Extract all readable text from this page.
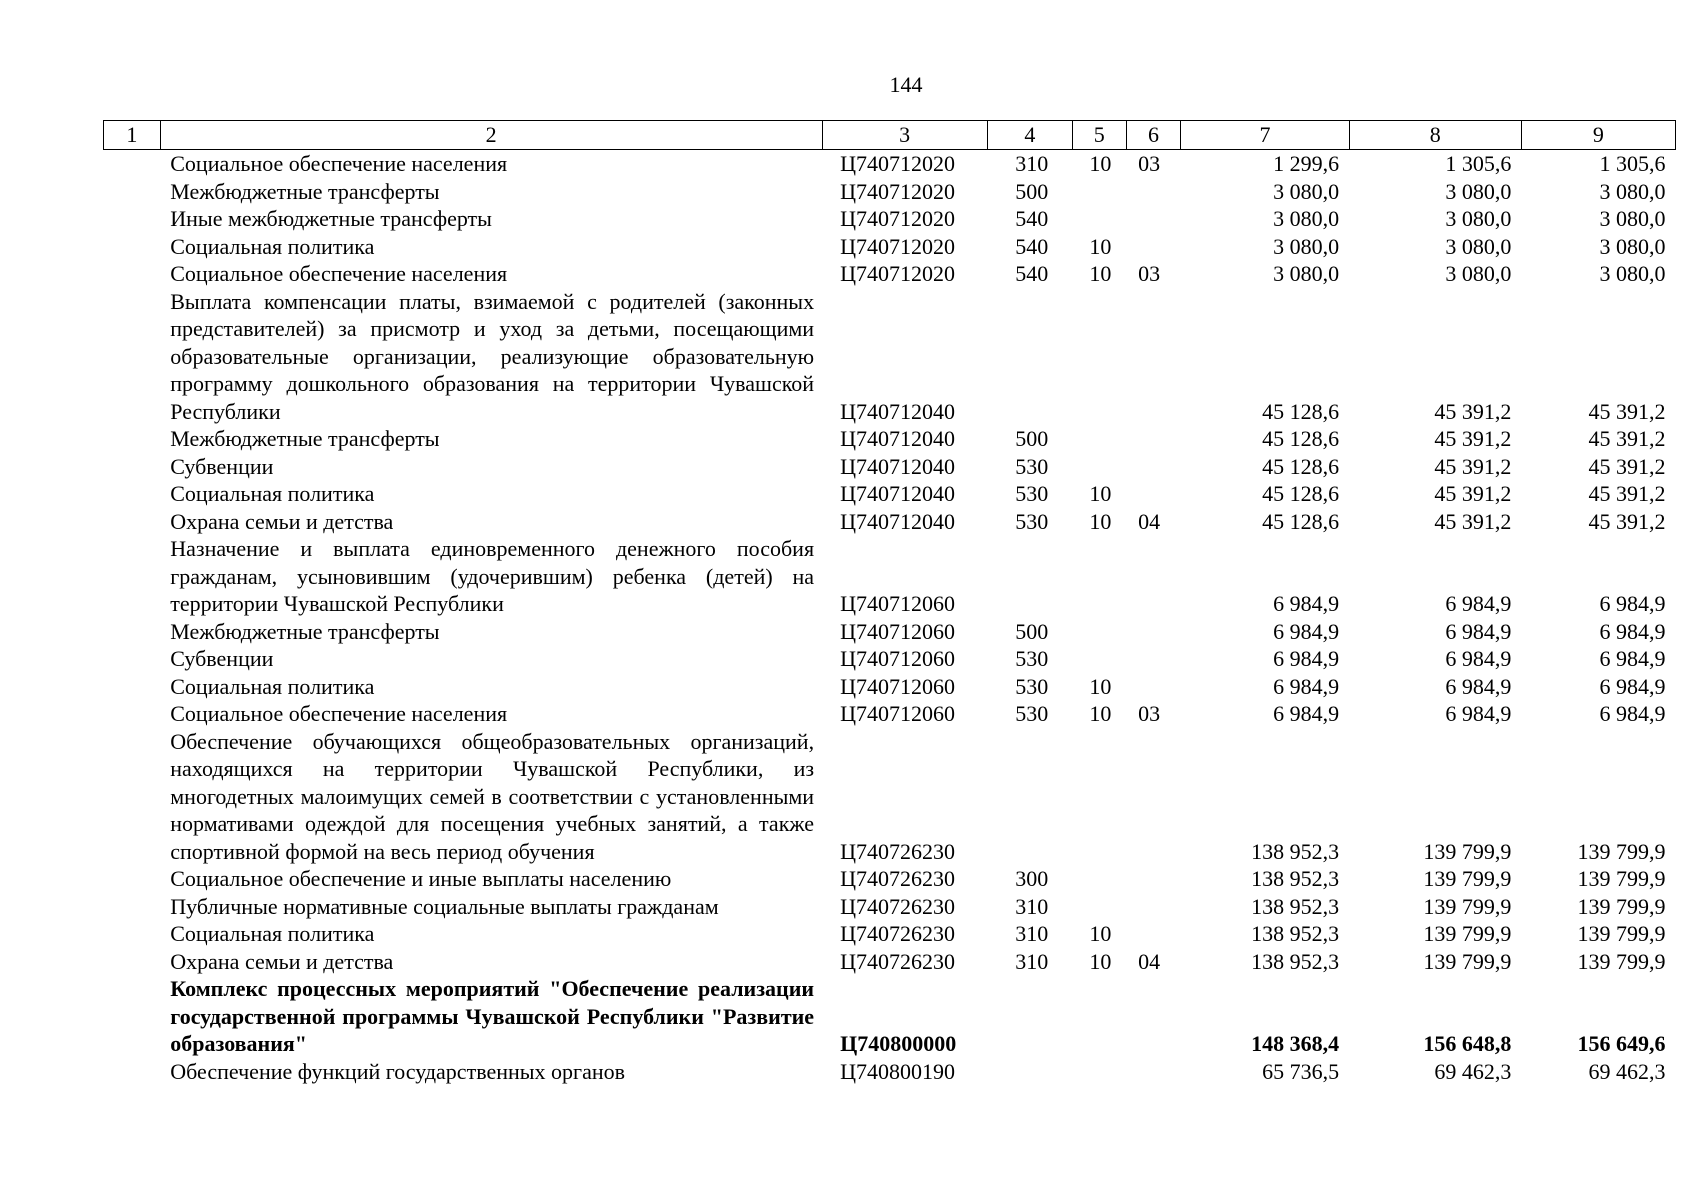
144
1	2	3	4	5	6	7	8	9
	Социальное обеспечение населения	Ц740712020	310	10	03	1 299,6	1 305,6	1 305,6
	Межбюджетные трансферты	Ц740712020	500			3 080,0	3 080,0	3 080,0
	Иные межбюджетные трансферты	Ц740712020	540			3 080,0	3 080,0	3 080,0
	Социальная политика	Ц740712020	540	10		3 080,0	3 080,0	3 080,0
	Социальное обеспечение населения	Ц740712020	540	10	03	3 080,0	3 080,0	3 080,0
	Выплата компенсации платы, взимаемой с родителей (законных представителей) за присмотр и уход за детьми, посещающими образовательные организации, реализующие образовательную программу дошкольного образования на территории Чувашской Республики	Ц740712040				45 128,6	45 391,2	45 391,2
	Межбюджетные трансферты	Ц740712040	500			45 128,6	45 391,2	45 391,2
	Субвенции	Ц740712040	530			45 128,6	45 391,2	45 391,2
	Социальная политика	Ц740712040	530	10		45 128,6	45 391,2	45 391,2
	Охрана семьи и детства	Ц740712040	530	10	04	45 128,6	45 391,2	45 391,2
	Назначение и выплата единовременного денежного пособия гражданам, усыновившим (удочерившим) ребенка (детей) на территории Чувашской Республики	Ц740712060				6 984,9	6 984,9	6 984,9
	Межбюджетные трансферты	Ц740712060	500			6 984,9	6 984,9	6 984,9
	Субвенции	Ц740712060	530			6 984,9	6 984,9	6 984,9
	Социальная политика	Ц740712060	530	10		6 984,9	6 984,9	6 984,9
	Социальное обеспечение населения	Ц740712060	530	10	03	6 984,9	6 984,9	6 984,9
	Обеспечение обучающихся общеобразовательных организаций, находящихся на территории Чувашской Республики, из многодетных малоимущих семей в соответствии с установленными нормативами одеждой для посещения учебных занятий, а также спортивной формой на весь период обучения	Ц740726230				138 952,3	139 799,9	139 799,9
	Социальное обеспечение и иные выплаты населению	Ц740726230	300			138 952,3	139 799,9	139 799,9
	Публичные нормативные социальные выплаты гражданам	Ц740726230	310			138 952,3	139 799,9	139 799,9
	Социальная политика	Ц740726230	310	10		138 952,3	139 799,9	139 799,9
	Охрана семьи и детства	Ц740726230	310	10	04	138 952,3	139 799,9	139 799,9
	Комплекс процессных мероприятий "Обеспечение реализации государственной программы Чувашской Республики "Развитие образования"	Ц740800000				148 368,4	156 648,8	156 649,6
	Обеспечение функций государственных органов	Ц740800190				65 736,5	69 462,3	69 462,3
